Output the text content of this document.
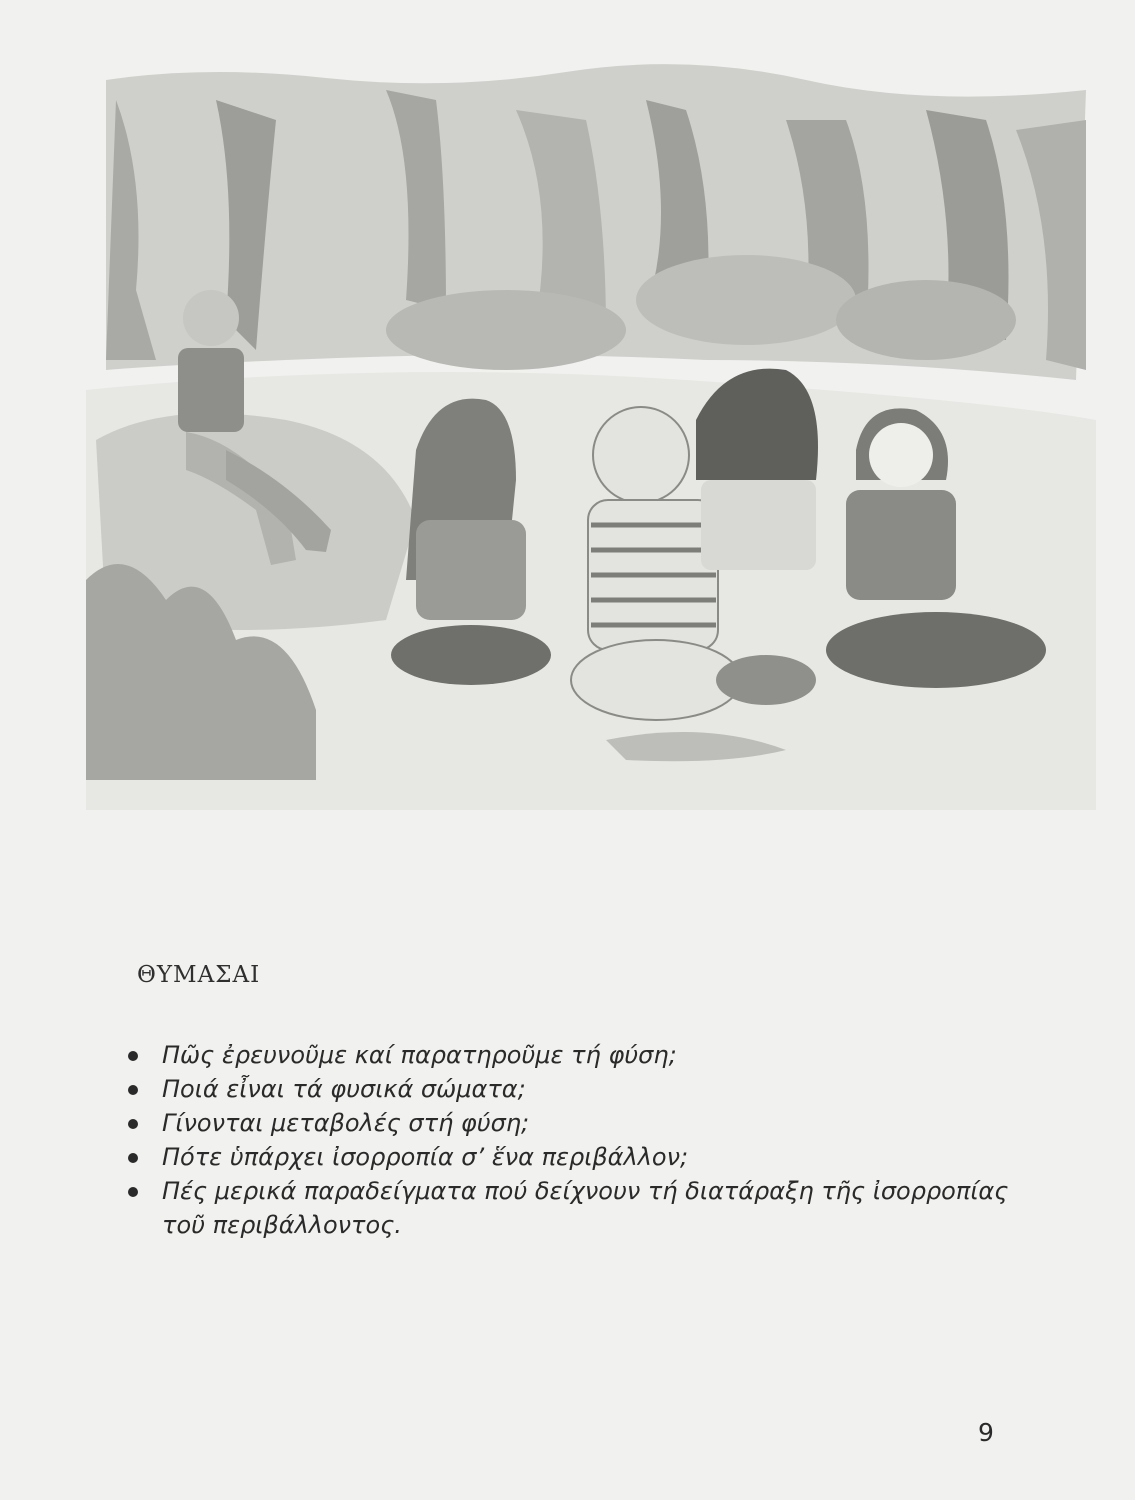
ΘΥΜΑΣΑΙ
Πῶς ἐρευνοῦμε καί παρατηροῦμε τή φύση;
Ποιά εἶναι τά φυσικά σώματα;
Γίνονται μεταβολές στή φύση;
Πότε ὑπάρχει ἰσορροπία σ’ ἕνα περιβάλλον;
Πές μερικά παραδείγματα πού δείχνουν τή διατάραξη τῆς ἰσορροπίας τοῦ περιβάλλοντος.
9
